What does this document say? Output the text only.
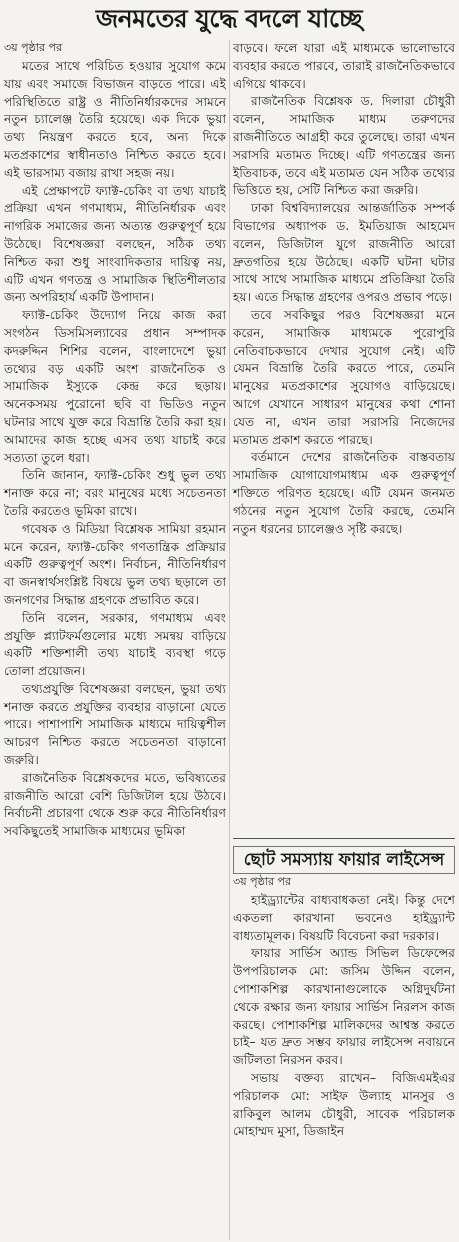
জনমতের যুদ্ধে বদলে যাচ্ছে

৩য় পৃষ্ঠার পর

মতের সাথে পরিচিত হওয়ার সুযোগ কমে যায় এবং সমাজে বিভাজন বাড়তে পারে। এই পরিস্থিতিতে রাষ্ট্র ও নীতিনির্ধারকদের সামনে নতুন চ্যালেঞ্জ তৈরি হয়েছে। এক দিকে ভুয়া তথ্য নিয়ন্ত্রণ করতে হবে, অন্য দিকে মতপ্রকাশের স্বাধীনতাও নিশ্চিত করতে হবে। এই ভারসাম্য বজায় রাখা সহজ নয়।

এই প্রেক্ষাপটে ফ্যাক্ট-চেকিং বা তথ্য যাচাই প্রক্রিয়া এখন গণমাধ্যম, নীতিনির্ধারক এবং নাগরিক সমাজের জন্য অত্যন্ত গুরুত্বপূর্ণ হয়ে উঠেছে। বিশেষজ্ঞরা বলছেন, সঠিক তথ্য নিশ্চিত করা শুধু সাংবাদিকতার দায়িত্ব নয়, এটি এখন গণতন্ত্র ও সামাজিক স্থিতিশীলতার জন্য অপরিহার্য একটি উপাদান।

ফ্যাক্ট-চেকিং উদ্যোগ নিয়ে কাজ করা সংগঠন ডিসমিসল্যাবের প্রধান সম্পাদক কদরুদ্দিন শিশির বলেন, বাংলাদেশে ভুয়া তথ্যের বড় একটি অংশ রাজনৈতিক ও সামাজিক ইস্যুকে কেন্দ্র করে ছড়ায়। অনেকসময় পুরোনো ছবি বা ভিডিও নতুন ঘটনার সাথে যুক্ত করে বিভ্রান্তি তৈরি করা হয়। আমাদের কাজ হচ্ছে এসব তথ্য যাচাই করে সত্যতা তুলে ধরা।

তিনি জানান, ফ্যাক্ট-চেকিং শুধু ভুল তথ্য শনাক্ত করে না; বরং মানুষের মধ্যে সচেতনতা তৈরি করতেও ভূমিকা রাখে।

গবেষক ও মিডিয়া বিশ্লেষক সামিয়া রহমান মনে করেন, ফ্যাক্ট-চেকিং গণতান্ত্রিক প্রক্রিয়ার একটি গুরুত্বপূর্ণ অংশ। নির্বাচন, নীতিনির্ধারণ বা জনস্বার্থসংশ্লিষ্ট বিষয়ে ভুল তথ্য ছড়ালে তা জনগণের সিদ্ধান্ত গ্রহণকে প্রভাবিত করে।

তিনি বলেন, সরকার, গণমাধ্যম এবং প্রযুক্তি প্ল্যাটফর্মগুলোর মধ্যে সমন্বয় বাড়িয়ে একটি শক্তিশালী তথ্য যাচাই ব্যবস্থা গড়ে তোলা প্রয়োজন।

তথ্যপ্রযুক্তি বিশেষজ্ঞরা বলছেন, ভুয়া তথ্য শনাক্ত করতে প্রযুক্তির ব্যবহার বাড়ানো যেতে পারে। পাশাপাশি সামাজিক মাধ্যমে দায়িত্বশীল আচরণ নিশ্চিত করতে সচেতনতা বাড়ানো জরুরি।

রাজনৈতিক বিশ্লেষকদের মতে, ভবিষ্যতের রাজনীতি আরো বেশি ডিজিটাল হয়ে উঠবে। নির্বাচনী প্রচারণা থেকে শুরু করে নীতিনির্ধারণ সবকিছুতেই সামাজিক মাধ্যমের ভূমিকা

বাড়বে। ফলে যারা এই মাধ্যমকে ভালোভাবে ব্যবহার করতে পারবে, তারাই রাজনৈতিকভাবে এগিয়ে থাকবে।

রাজনৈতিক বিশ্লেষক ড. দিলারা চৌধুরী বলেন, সামাজিক মাধ্যম তরুণদের রাজনীতিতে আগ্রহী করে তুলেছে। তারা এখন সরাসরি মতামত দিচ্ছে। এটি গণতন্ত্রের জন্য ইতিবাচক, তবে এই মতামত যেন সঠিক তথ্যের ভিত্তিতে হয়, সেটি নিশ্চিত করা জরুরি।

ঢাকা বিশ্ববিদ্যালয়ের আন্তর্জাতিক সম্পর্ক বিভাগের অধ্যাপক ড. ইমতিয়াজ আহমেদ বলেন, ডিজিটাল যুগে রাজনীতি আরো দ্রুতগতির হয়ে উঠেছে। একটি ঘটনা ঘটার সাথে সাথে সামাজিক মাধ্যমে প্রতিক্রিয়া তৈরি হয়। এতে সিদ্ধান্ত গ্রহণের ওপরও প্রভাব পড়ে।

তবে সবকিছুর পরও বিশেষজ্ঞরা মনে করেন, সামাজিক মাধ্যমকে পুরোপুরি নেতিবাচকভাবে দেখার সুযোগ নেই। এটি যেমন বিভ্রান্তি তৈরি করতে পারে, তেমনি মানুষের মতপ্রকাশের সুযোগও বাড়িয়েছে। আগে যেখানে সাধারণ মানুষের কথা শোনা যেত না, এখন তারা সরাসরি নিজেদের মতামত প্রকাশ করতে পারছে।

বর্তমানে দেশের রাজনৈতিক বাস্তবতায় সামাজিক যোগাযোগমাধ্যম এক গুরুত্বপূর্ণ শক্তিতে পরিণত হয়েছে। এটি যেমন জনমত গঠনের নতুন সুযোগ তৈরি করছে, তেমনি নতুন ধরনের চ্যালেঞ্জও সৃষ্টি করছে।

ছোট সমস্যায় ফায়ার লাইসেন্স

৩য় পৃষ্ঠার পর

হাইড্র্যান্টের বাধ্যবাধকতা নেই। কিন্তু দেশে একতলা কারখানা ভবনেও হাইড্র্যান্ট বাধ্যতামূলক। বিষয়টি বিবেচনা করা দরকার।

ফায়ার সার্ভিস অ্যান্ড সিভিল ডিফেন্সের উপপরিচালক মো: জসিম উদ্দিন বলেন, পোশাকশিল্প কারখানাগুলোকে অগ্নিদুর্ঘটনা থেকে রক্ষার জন্য ফায়ার সার্ভিস নিরলস কাজ করছে। পোশাকশিল্প মালিকদের আশ্বস্ত করতে চাই– যত দ্রুত সম্ভব ফায়ার লাইসেন্স নবায়নে জটিলতা নিরসন করব।

সভায় বক্তব্য রাখেন– বিজিএমইএর পরিচালক মো: সাইফ উল্যাহ মানসুর ও রাকিবুল আলম চৌধুরী, সাবেক পরিচালক মোহাম্মদ মুসা, ডিজাইন
